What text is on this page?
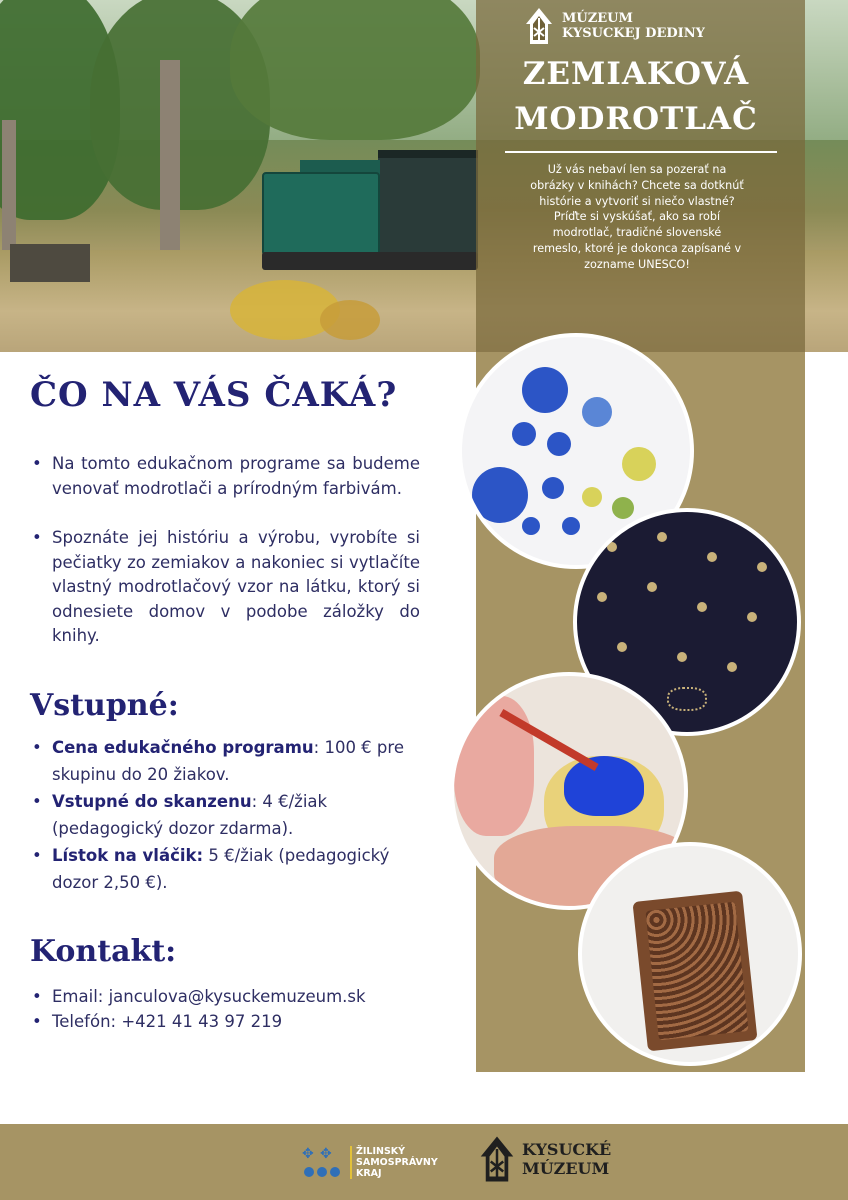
MÚZEUM
KYSUCKEJ DEDINY
ZEMIAKOVÁ
MODROTLAČ

Už vás nebaví len sa pozerať na obrázky v knihách? Chcete sa dotknúť histórie a vytvoriť si niečo vlastné? Príďte si vyskúšať, ako sa robí modrotlač, tradičné slovenské remeslo, ktoré je dokonca zapísané v zozname UNESCO!

ČO NA VÁS ČAKÁ?
• Na tomto edukačnom programe sa budeme venovať modrotlači a prírodným farbivám.
• Spoznáte jej históriu a výrobu, vyrobíte si pečiatky zo zemiakov a nakoniec si vytlačíte vlastný modrotlačový vzor na látku, ktorý si odnesiete domov v podobe záložky do knihy.
Vstupné:
• Cena edukačného programu: 100 € pre skupinu do 20 žiakov.
• Vstupné do skanzenu: 4 €/žiak (pedagogický dozor zdarma).
• Lístok na vláčik: 5 €/žiak (pedagogický dozor 2,50 €).
Kontakt:
• Email: janculova@kysuckemuzeum.sk
• Telefón: +421 41 43 97 219
✥ ✥	ŽILINSKÝ
SAMOSPRÁVNY
KRAJ
KYSUCKÉ
MÚZEUM
